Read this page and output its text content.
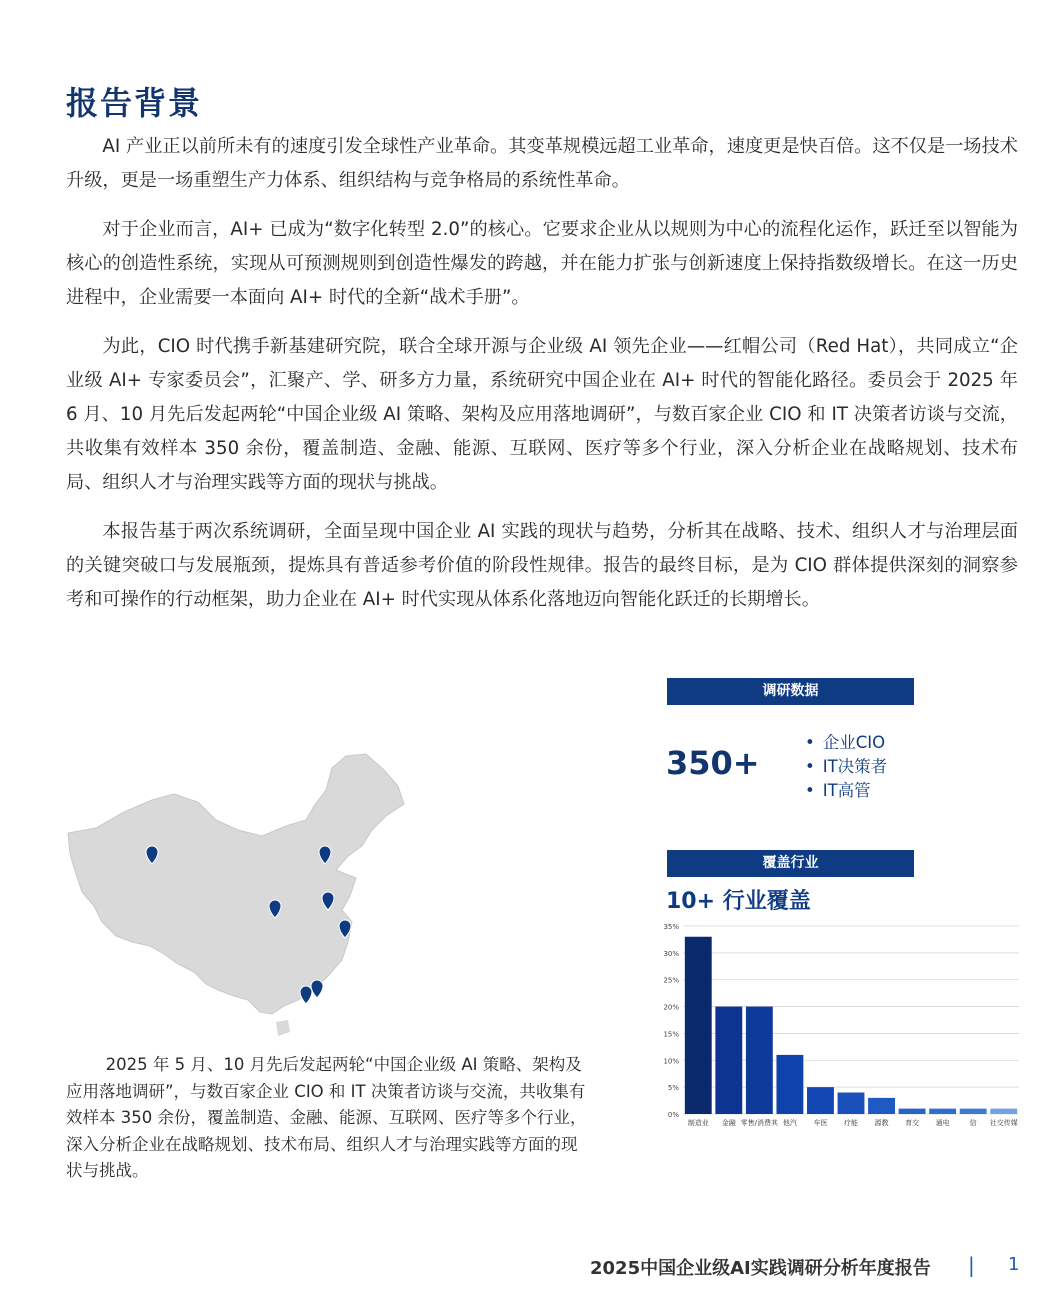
报告背景

AI 产业正以前所未有的速度引发全球性产业革命。其变革规模远超工业革命，速度更是快百倍。这不仅是一场技术升级，更是一场重塑生产力体系、组织结构与竞争格局的系统性革命。

对于企业而言，AI+ 已成为“数字化转型 2.0”的核心。它要求企业从以规则为中心的流程化运作，跃迁至以智能为核心的创造性系统，实现从可预测规则到创造性爆发的跨越，并在能力扩张与创新速度上保持指数级增长。在这一历史进程中，企业需要一本面向 AI+ 时代的全新“战术手册”。

为此，CIO 时代携手新基建研究院，联合全球开源与企业级 AI 领先企业——红帽公司（Red Hat），共同成立“企业级 AI+ 专家委员会”，汇聚产、学、研多方力量，系统研究中国企业在 AI+ 时代的智能化路径。委员会于 2025 年 6 月、10 月先后发起两轮“中国企业级 AI 策略、架构及应用落地调研”，与数百家企业 CIO 和 IT 决策者访谈与交流，共收集有效样本 350 余份，覆盖制造、金融、能源、互联网、医疗等多个行业，深入分析企业在战略规划、技术布局、组织人才与治理实践等方面的现状与挑战。

本报告基于两次系统调研，全面呈现中国企业 AI 实践的现状与趋势，分析其在战略、技术、组织人才与治理层面的关键突破口与发展瓶颈，提炼具有普适参考价值的阶段性规律。报告的最终目标，是为 CIO 群体提供深刻的洞察参考和可操作的行动框架，助力企业在 AI+ 时代实现从体系化落地迈向智能化跃迁的长期增长。

2025 年 5 月、10 月先后发起两轮“中国企业级 AI 策略、架构及应用落地调研”，与数百家企业 CIO 和 IT 决策者访谈与交流，共收集有效样本 350 余份，覆盖制造、金融、能源、互联网、医疗等多个行业，深入分析企业在战略规划、技术布局、组织人才与治理实践等方面的现状与挑战。
调研数据
350+
• 企业CIO
• IT决策者
• IT高管
覆盖行业
10+ 行业覆盖
0%
5%
10%
15%
20%
25%
30%
35%
制造业 金融 零售/消费其 他汽 车医 疗能 源教 育交 通电	信 社交传媒
2025中国企业级AI实践调研分析年度报告 | 1
